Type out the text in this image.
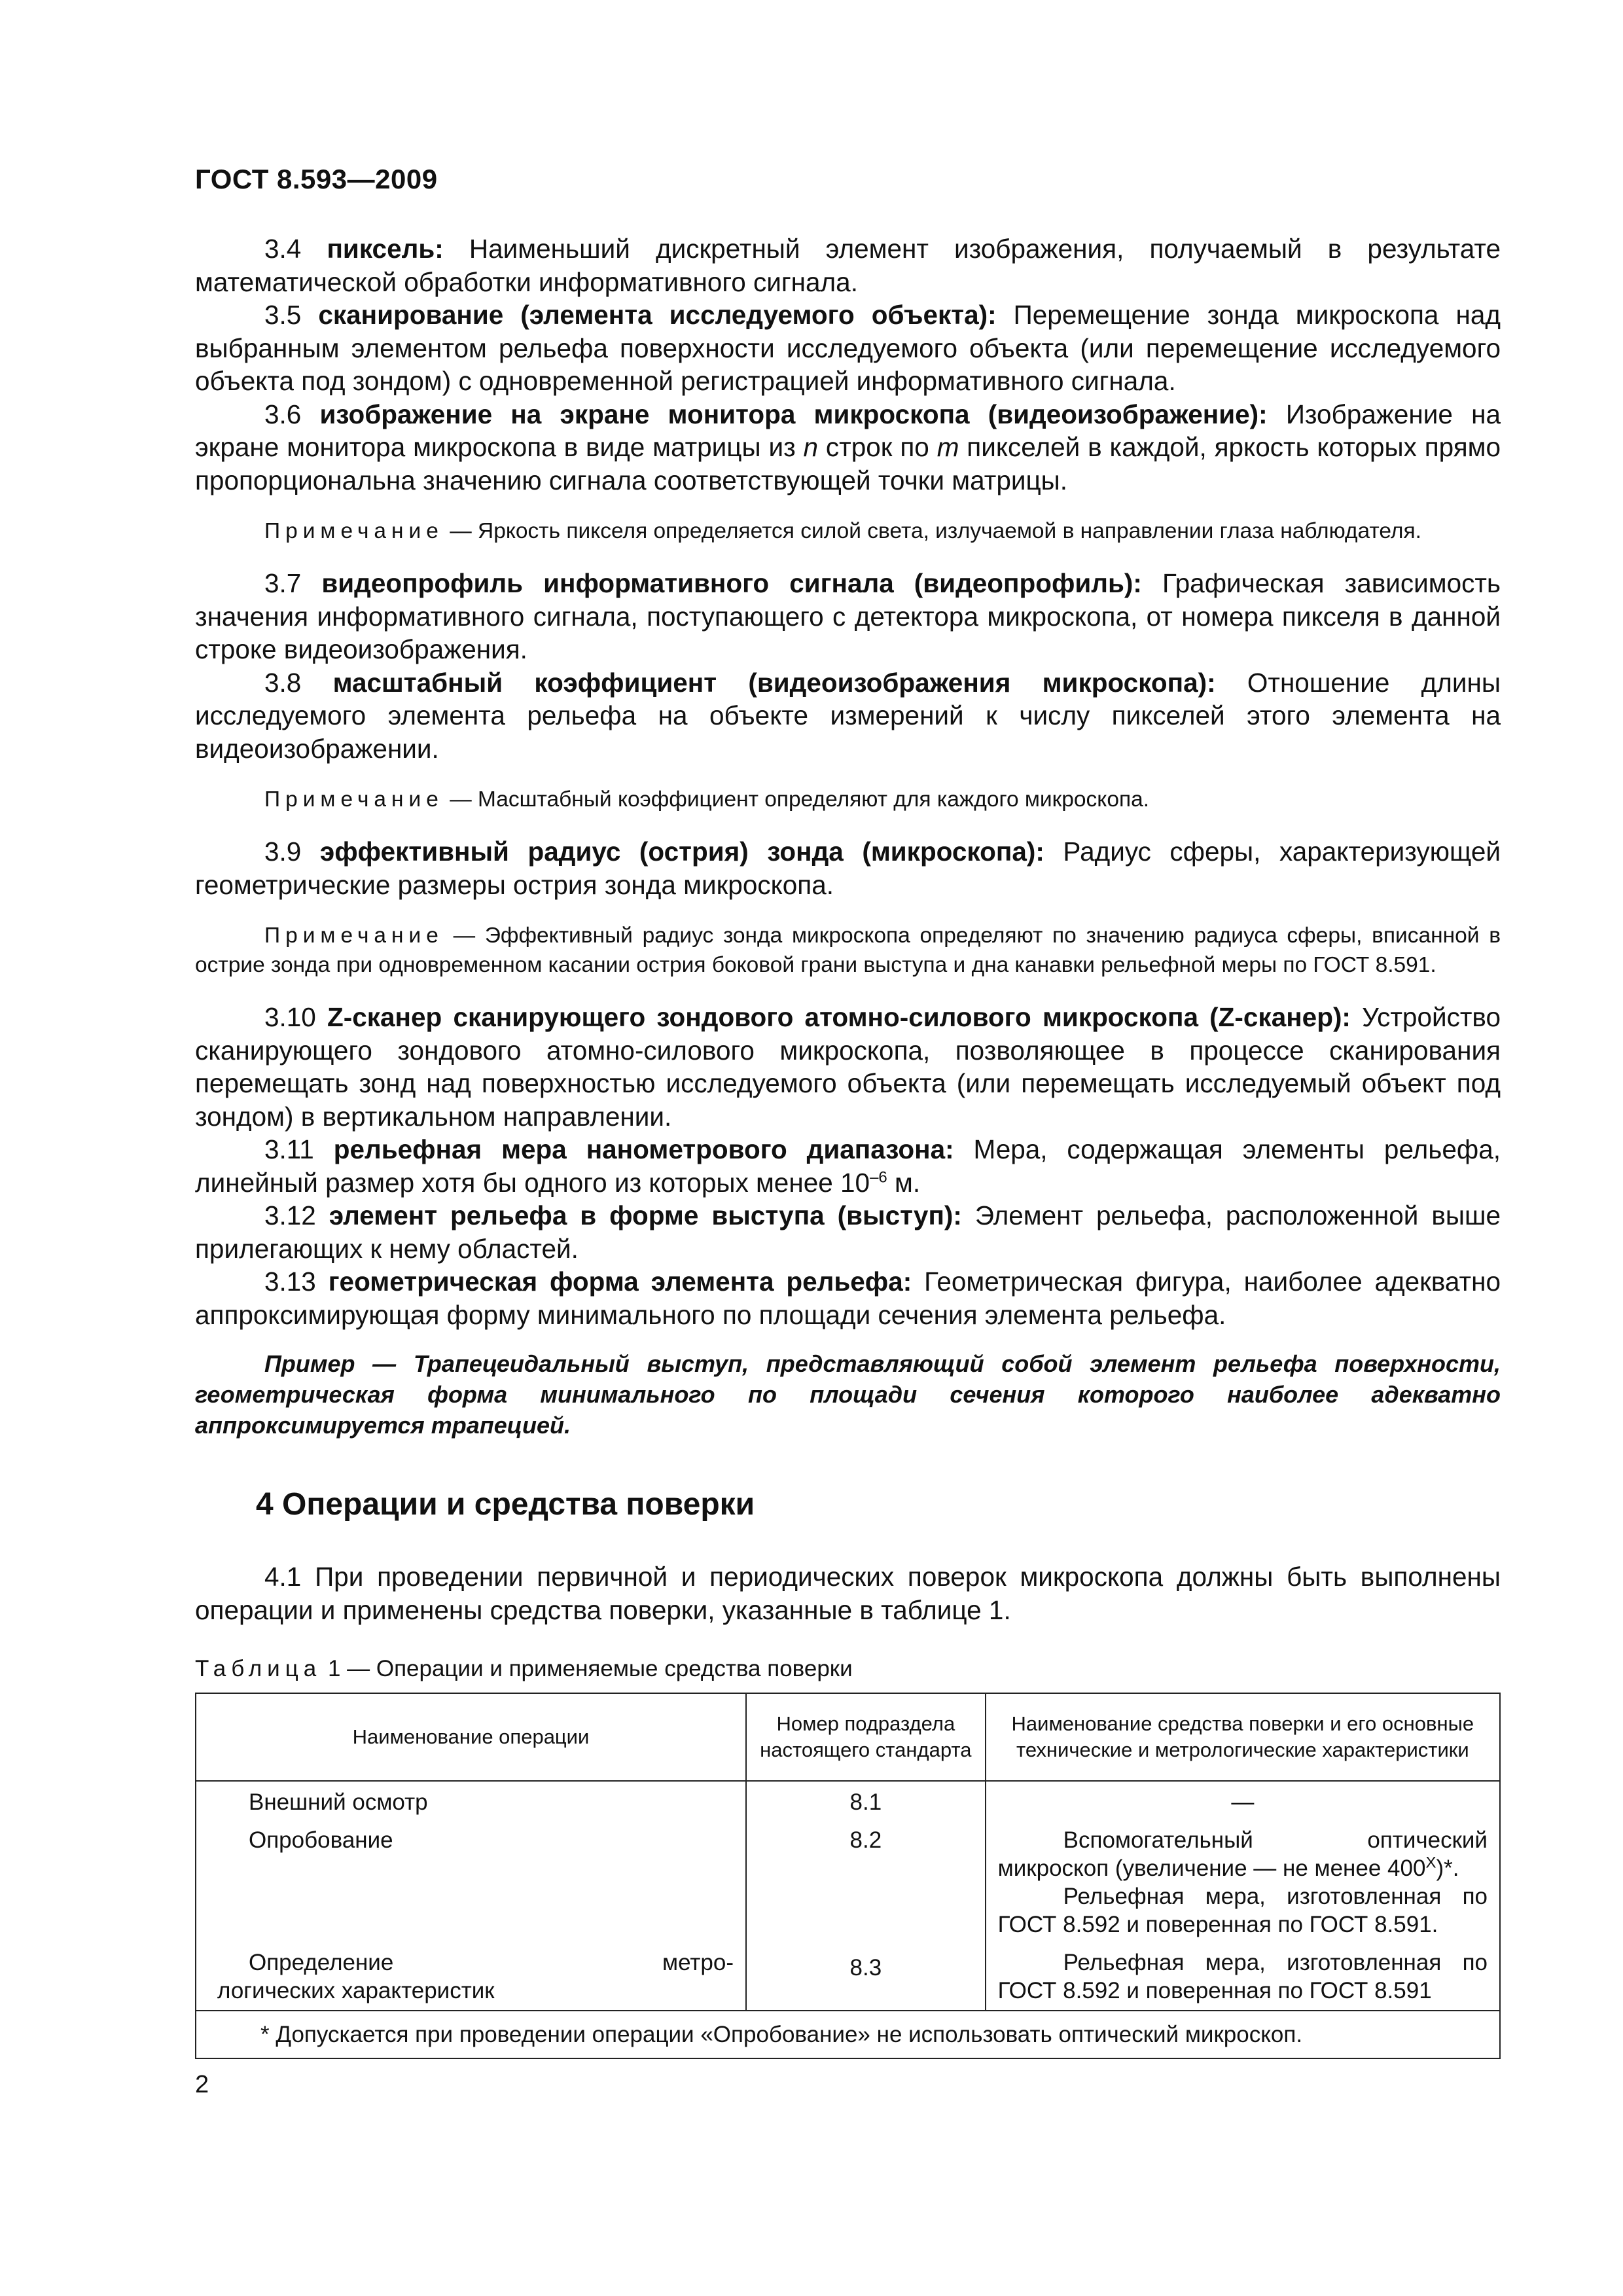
ГОСТ 8.593—2009

3.4 пиксель: Наименьший дискретный элемент изображения, получаемый в результате математической обработки информативного сигнала.

3.5 сканирование (элемента исследуемого объекта): Перемещение зонда микроскопа над выбранным элементом рельефа поверхности исследуемого объекта (или перемещение исследуемого объекта под зондом) с одновременной регистрацией информативного сигнала.

3.6 изображение на экране монитора микроскопа (видеоизображение): Изображение на экране монитора микроскопа в виде матрицы из n строк по m пикселей в каждой, яркость которых прямо пропорциональна значению сигнала соответствующей точки матрицы.

Примечание — Яркость пикселя определяется силой света, излучаемой в направлении глаза наблюдателя.

3.7 видеопрофиль информативного сигнала (видеопрофиль): Графическая зависимость значения информативного сигнала, поступающего с детектора микроскопа, от номера пикселя в данной строке видеоизображения.

3.8 масштабный коэффициент (видеоизображения микроскопа): Отношение длины исследуемого элемента рельефа на объекте измерений к числу пикселей этого элемента на видеоизображении.

Примечание — Масштабный коэффициент определяют для каждого микроскопа.

3.9 эффективный радиус (острия) зонда (микроскопа): Радиус сферы, характеризующей геометрические размеры острия зонда микроскопа.

Примечание — Эффективный радиус зонда микроскопа определяют по значению радиуса сферы, вписанной в острие зонда при одновременном касании острия боковой грани выступа и дна канавки рельефной меры по ГОСТ 8.591.

3.10 Z-сканер сканирующего зондового атомно-силового микроскопа (Z-сканер): Устройство сканирующего зондового атомно-силового микроскопа, позволяющее в процессе сканирования перемещать зонд над поверхностью исследуемого объекта (или перемещать исследуемый объект под зондом) в вертикальном направлении.

3.11 рельефная мера нанометрового диапазона: Мера, содержащая элементы рельефа, линейный размер хотя бы одного из которых менее $10^{-6}$ м.

3.12 элемент рельефа в форме выступа (выступ): Элемент рельефа, расположенной выше прилегающих к нему областей.

3.13 геометрическая форма элемента рельефа: Геометрическая фигура, наиболее адекватно аппроксимирующая форму минимального по площади сечения элемента рельефа.

Пример — Трапецеидальный выступ, представляющий собой элемент рельефа поверхности, геометрическая форма минимального по площади сечения которого наиболее адекватно аппроксимируется трапецией.

4 Операции и средства поверки

4.1 При проведении первичной и периодических поверок микроскопа должны быть выполнены операции и применены средства поверки, указанные в таблице 1.

Таблица 1 — Операции и применяемые средства поверки
Наименование операции	Номер подраздела настоящего стандарта	Наименование средства поверки и его основные технические и метрологические характеристики

Внешний осмотр	8.1	—

Опробование	8.2	Вспомогательный оптический микроскоп (увеличение — не менее $400^X)*$.

Рельефная мера, изготовленная по ГОСТ 8.592 и поверенная по ГОСТ 8.591.

Определение метро-

логических характеристик	8.3	Рельефная мера, изготовленная по ГОСТ 8.592 и поверенная по ГОСТ 8.591

* Допускается при проведении операции «Опробование» не использовать оптический микроскоп.		
2
